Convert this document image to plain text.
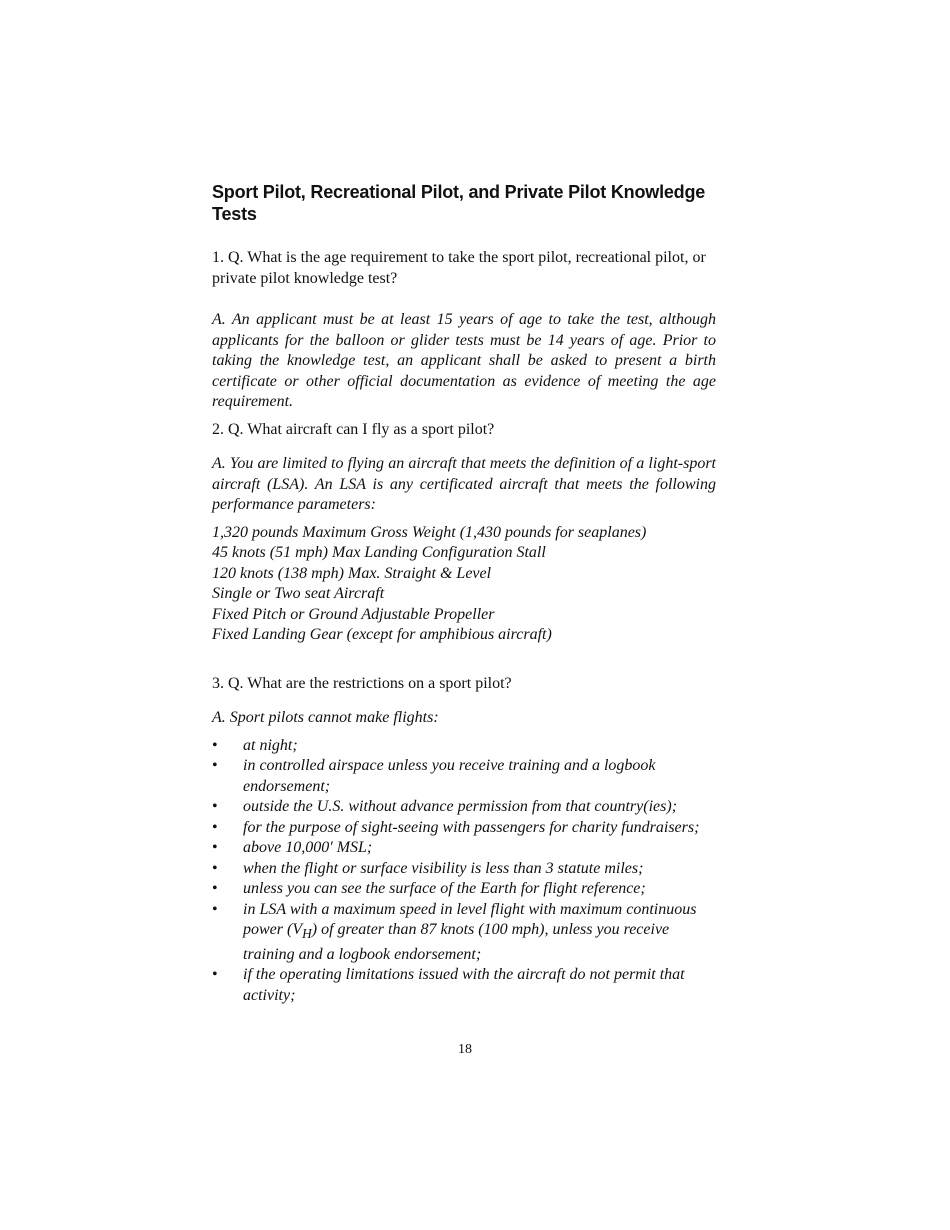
Sport Pilot, Recreational Pilot, and Private Pilot Knowledge Tests

1. Q. What is the age requirement to take the sport pilot, recreational pilot, or private pilot knowledge test?

A. An applicant must be at least 15 years of age to take the test, although applicants for the balloon or glider tests must be 14 years of age. Prior to taking the knowledge test, an applicant shall be asked to present a birth certificate or other official documentation as evidence of meeting the age requirement.

2. Q. What aircraft can I fly as a sport pilot?

A. You are limited to flying an aircraft that meets the definition of a light-sport aircraft (LSA). An LSA is any certificated aircraft that meets the following performance parameters:

1,320 pounds Maximum Gross Weight (1,430 pounds for seaplanes)
45 knots (51 mph) Max Landing Configuration Stall
120 knots (138 mph) Max. Straight & Level
Single or Two seat Aircraft
Fixed Pitch or Ground Adjustable Propeller
Fixed Landing Gear (except for amphibious aircraft)

3. Q. What are the restrictions on a sport pilot?

A. Sport pilots cannot make flights:

• at night;
• in controlled airspace unless you receive training and a logbook endorsement;
• outside the U.S. without advance permission from that country(ies);
• for the purpose of sight-seeing with passengers for charity fundraisers;
• above 10,000′ MSL;
• when the flight or surface visibility is less than 3 statute miles;
• unless you can see the surface of the Earth for flight reference;
• in LSA with a maximum speed in level flight with maximum continuous power $(V_H)$ of greater than 87 knots (100 mph), unless you receive training and a logbook endorsement;
• if the operating limitations issued with the aircraft do not permit that activity;
18
